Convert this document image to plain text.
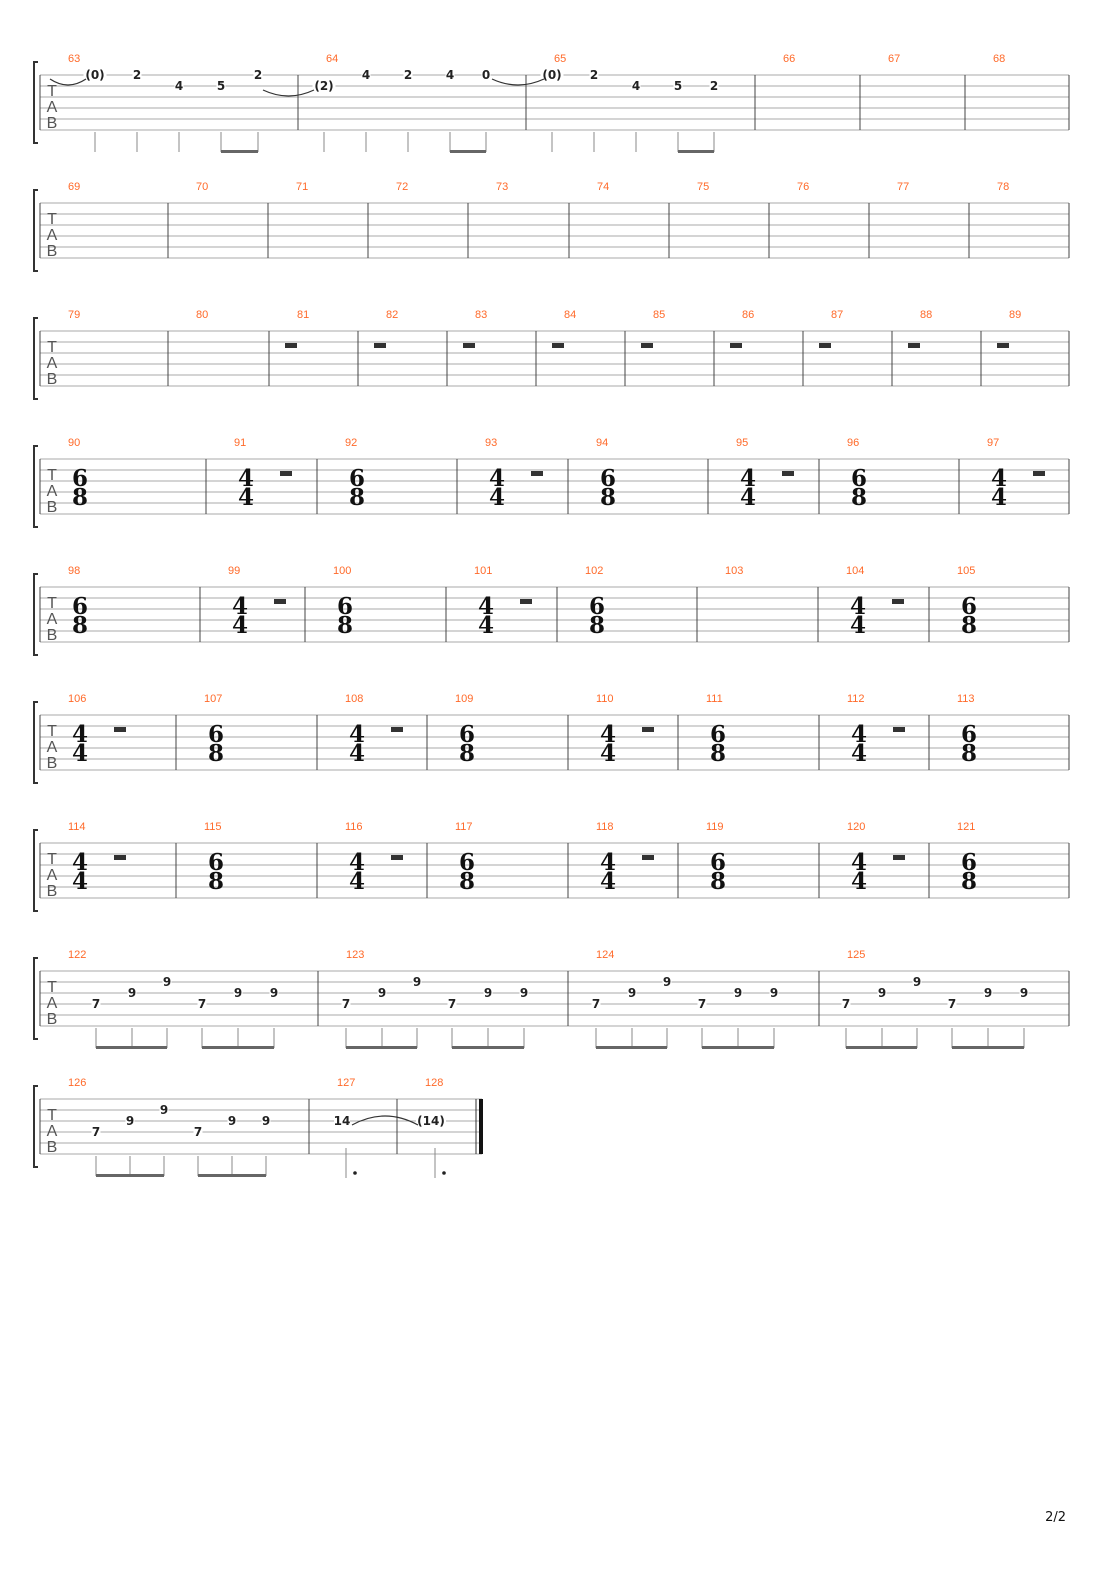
T
A
B
63
(0) 2
4	5
2
64
(2)
4	2	4 0
65
(0) 2
4	5 2
66	67	68
T
A
B
69	70	71	72	73	74	75	76	77	78
T
A
B
79	80	81	82	83	84	85	86	87	88	89
T
A
B
90
6
8
91
4
4
92
6
8
93
4
4
94
6
8
95
4
4
96
6
8
97
4
4
T
A
B
98
6
8
99
4
4
100
6
8
101
4
4
102
6
8
103	104
4
4
105
6
8
T
A
B
106
4
4
107
6
8
108
4
4
109
6
8
110
4
4
111
6
8
112
4
4
113
6
8
T
A
B
114
4
4
115
6
8
116
4
4
117
6
8
118
4
4
119
6
8
120
4
4
121
6
8
T
A
B
122
7
9
9
7
9 9
123
7
9
9
7
9 9
124
7
9
9
7
9 9
125
7
9
9
7
9 9
T
A
B
126
7
9
9
7
9 9
127
14
128
(14)
2/2
